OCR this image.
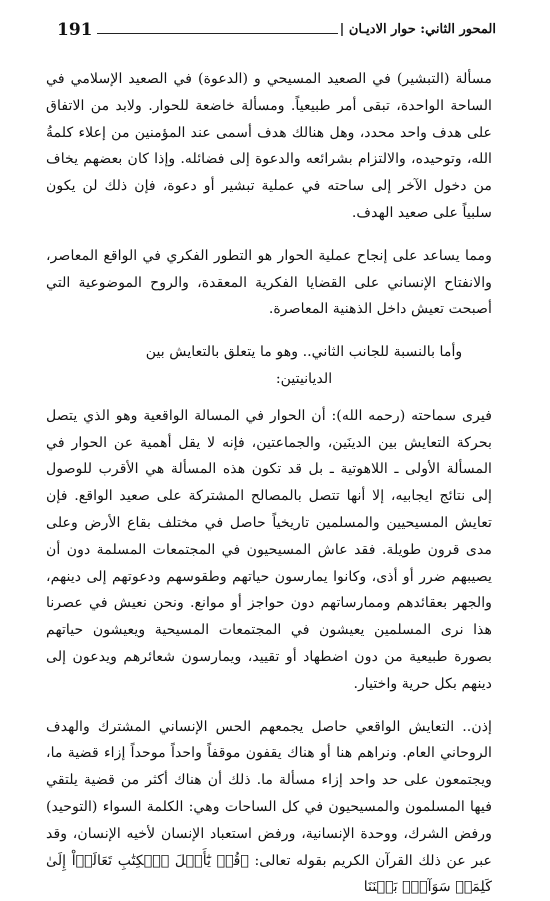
المحور الثاني: حوار الاديـان |
191

مسألة (التبشير) في الصعيد المسيحي و (الدعوة) في الصعيد الإسلامي في الساحة الواحدة، تبقى أمر طبيعياً. ومسألة خاضعة للحوار. ولابد من الاتفاق على هدف واحد محدد، وهل هنالك هدف أسمى عند المؤمنين من إعلاء كلمةُ الله، وتوحيده، والالتزام بشرائعه والدعوة إلى فضائله. وإذا كان بعضهم يخاف من دخول الآخر إلى ساحته في عملية تبشير أو دعوة، فإن ذلك لن يكون سلبياً على صعيد الهدف.

ومما يساعد على إنجاح عملية الحوار هو التطور الفكري في الواقع المعاصر، والانفتاح الإنساني على القضايا الفكرية المعقدة، والروح الموضوعية التي أصبحت تعيش داخل الذهنية المعاصرة.

وأما بالنسبة للجانب الثاني.. وهو ما يتعلق بالتعايش بين الديانيتين:

فيرى سماحته (رحمه الله): أن الحوار في المسالة الواقعية وهو الذي يتصل بحركة التعايش بين الدينَين، والجماعتين، فإنه لا يقل أهمية عن الحوار في المسألة الأولى ـ اللاهوتية ـ بل قد تكون هذه المسألة هي الأقرب للوصول إلى نتائج ايجابيه، إلا أنها تتصل بالمصالح المشتركة على صعيد الواقع. فإن تعايش المسيحيين والمسلمين تاريخياً حاصل في مختلف بقاع الأرض وعلى مدى قرون طويلة. فقد عاش المسيحيون في المجتمعات المسلمة دون أن يصيبهم ضرر أو أذى، وكانوا يمارسون حياتهم وطقوسهم ودعوتهم إلى دينهم، والجهر بعقائدهم وممارساتهم دون حواجز أو موانع. ونحن نعيش في عصرنا هذا نرى المسلمين يعيشون في المجتمعات المسيحية ويعيشون حياتهم بصورة طبيعية من دون اضطهاد أو تقييد، ويمارسون شعائرهم ويدعون إلى دينهم بكل حرية واختيار.

إذن.. التعايش الواقعي حاصل يجمعهم الحس الإنساني المشترك والهدف الروحاني العام. ونراهم هنا أو هناك يقفون موقفاً واحداً موحداً إزاء قضية ما، ويجتمعون على حد واحد إزاء مسألة ما. ذلك أن هناك أكثر من قضية يلتقي فيها المسلمون والمسيحيون في كل الساحات وهي: الكلمة السواء (التوحيد) ورفض الشرك، ووحدة الإنسانية، ورفض استعباد الإنسان لأخيه الإنسان، وقد عبر عن ذلك القرآن الكريم بقوله تعالى: ﴿قُلۡ يَٰٓأَهۡلَ ٱلۡكِتَٰبِ تَعَالَوۡاْ إِلَىٰ كَلِمَةٖ سَوَآءِۭ بَيۡنَنَا
